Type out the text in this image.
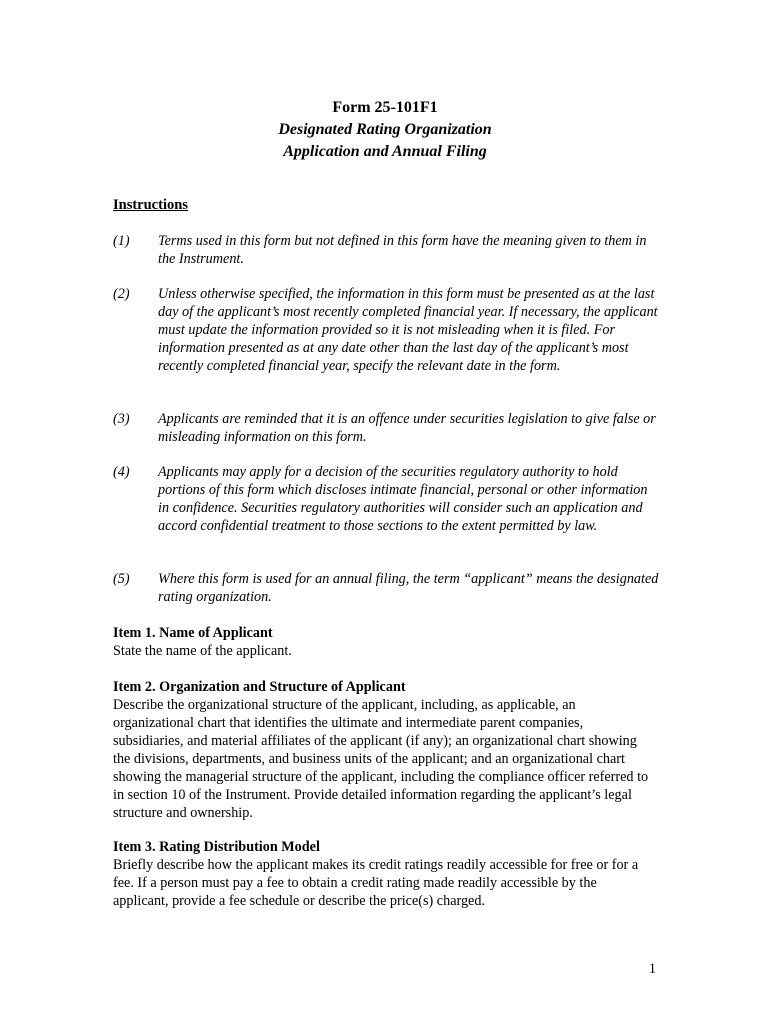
Form 25-101F1
Designated Rating Organization
Application and Annual Filing
Instructions
(1) Terms used in this form but not defined in this form have the meaning given to them in the Instrument.
(2) Unless otherwise specified, the information in this form must be presented as at the last day of the applicant’s most recently completed financial year. If necessary, the applicant must update the information provided so it is not misleading when it is filed. For information presented as at any date other than the last day of the applicant’s most recently completed financial year, specify the relevant date in the form.
(3) Applicants are reminded that it is an offence under securities legislation to give false or misleading information on this form.
(4) Applicants may apply for a decision of the securities regulatory authority to hold portions of this form which discloses intimate financial, personal or other information in confidence. Securities regulatory authorities will consider such an application and accord confidential treatment to those sections to the extent permitted by law.
(5) Where this form is used for an annual filing, the term “applicant” means the designated rating organization.
Item 1. Name of Applicant
State the name of the applicant.
Item 2. Organization and Structure of Applicant
Describe the organizational structure of the applicant, including, as applicable, an organizational chart that identifies the ultimate and intermediate parent companies, subsidiaries, and material affiliates of the applicant (if any); an organizational chart showing the divisions, departments, and business units of the applicant; and an organizational chart showing the managerial structure of the applicant, including the compliance officer referred to in section 10 of the Instrument. Provide detailed information regarding the applicant’s legal structure and ownership.
Item 3. Rating Distribution Model
Briefly describe how the applicant makes its credit ratings readily accessible for free or for a fee. If a person must pay a fee to obtain a credit rating made readily accessible by the applicant, provide a fee schedule or describe the price(s) charged.
1
